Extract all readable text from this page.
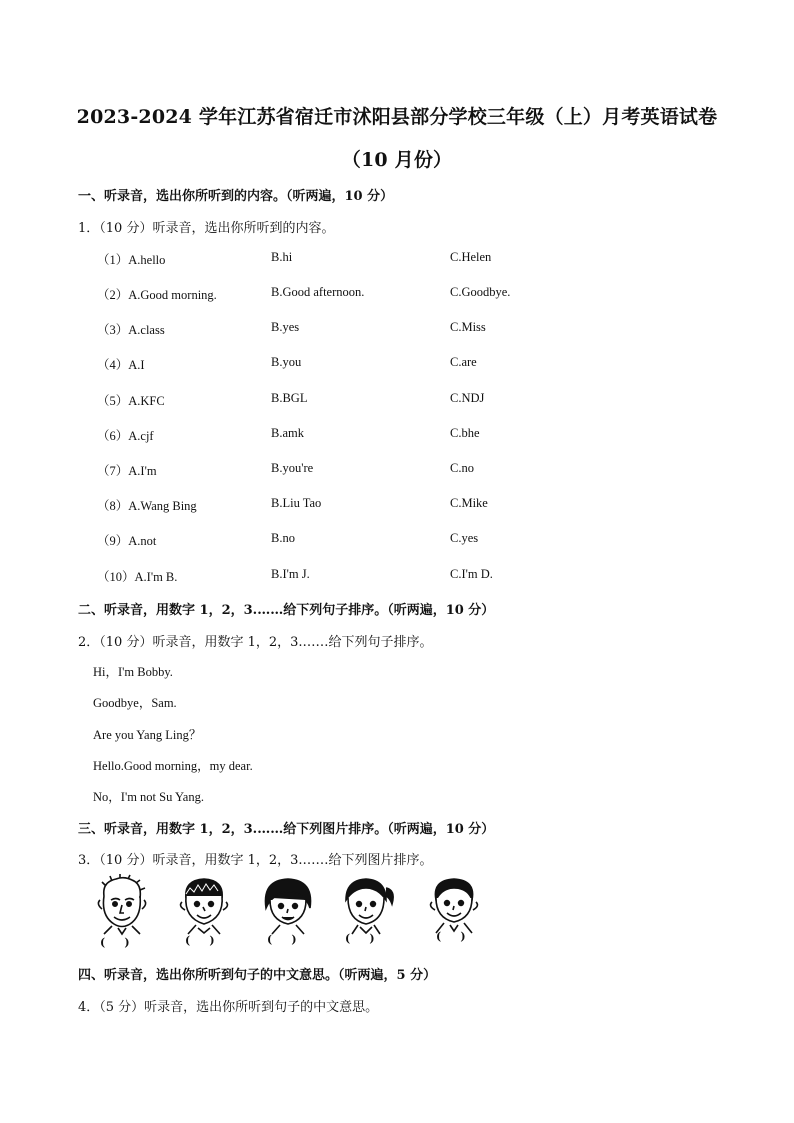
2023-2024 学年江苏省宿迁市沭阳县部分学校三年级（上）月考英语试卷
（10 月份）
一、听录音，选出你所听到的内容。（听两遍，10 分）
1．（10 分）听录音，选出你所听到的内容。
（1）A.hello	B.hi	C.Helen
（2）A.Good morning.	B.Good afternoon.	C.Goodbye.
（3）A.class	B.yes	C.Miss
（4）A.I	B.you	C.are
（5）A.KFC	B.BGL	C.NDJ
（6）A.cjf	B.amk	C.bhe
（7）A.I'm	B.you're	C.no
（8）A.Wang Bing	B.Liu Tao	C.Mike
（9）A.not	B.no	C.yes
（10）A.I'm B.	B.I'm J.	C.I'm D.
二、听录音，用数字 1，2，3.……给下列句子排序。（听两遍，10 分）
2．（10 分）听录音，用数字 1，2，3.……给下列句子排序。
Hi，I'm Bobby.
Goodbye，Sam.
Are you Yang Ling？
Hello.Good morning，my dear.
No，I'm not Su Yang.
三、听录音，用数字 1，2，3.……给下列图片排序。（听两遍，10 分）
3．（10 分）听录音，用数字 1，2，3.……给下列图片排序。
(     )	(     )	(     )	(     )	(     )
四、听录音，选出你所听到句子的中文意思。（听两遍，5 分）
4．（5 分）听录音，选出你所听到句子的中文意思。
